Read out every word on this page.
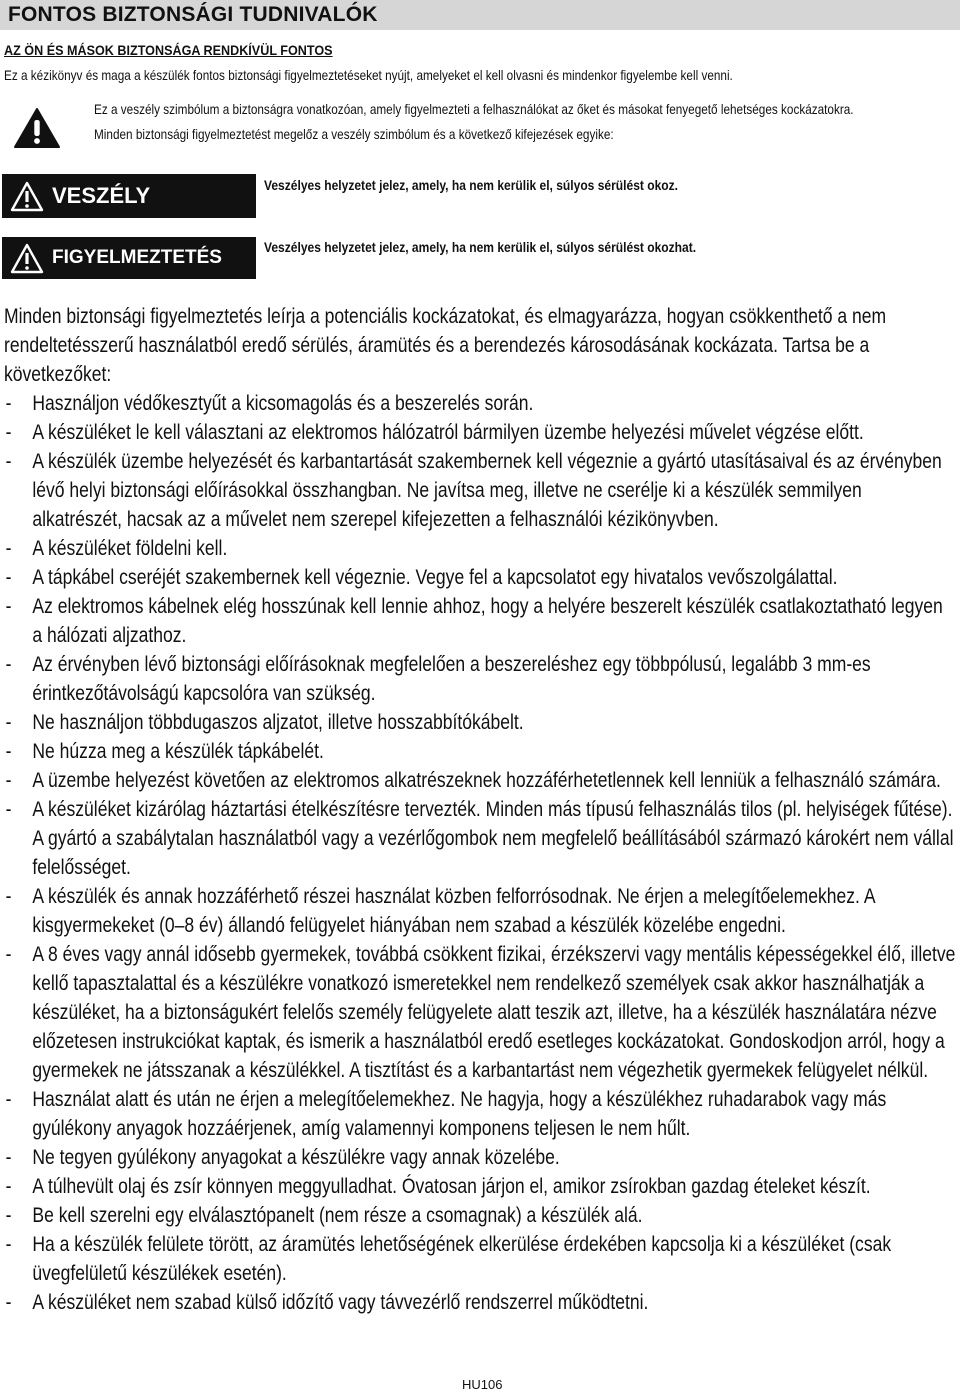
FONTOS BIZTONSÁGI TUDNIVALÓK
AZ ÖN ÉS MÁSOK BIZTONSÁGA RENDKÍVÜL FONTOS
Ez a kézikönyv és maga a készülék fontos biztonsági figyelmeztetéseket nyújt, amelyeket el kell olvasni és mindenkor figyelembe kell venni.
Ez a veszély szimbólum a biztonságra vonatkozóan, amely figyelmezteti a felhasználókat az őket és másokat fenyegető lehetséges kockázatokra.
Minden biztonsági figyelmeztetést megelőz a veszély szimbólum és a következő kifejezések egyike:
VESZÉLY	Veszélyes helyzetet jelez, amely, ha nem kerülik el, súlyos sérülést okoz.
FIGYELMEZTETÉS	Veszélyes helyzetet jelez, amely, ha nem kerülik el, súlyos sérülést okozhat.

Minden biztonsági figyelmeztetés leírja a potenciális kockázatokat, és elmagyarázza, hogyan csökkenthető a nem rendeltetésszerű használatból eredő sérülés, áramütés és a berendezés károsodásának kockázata. Tartsa be a következőket:

- Használjon védőkesztyűt a kicsomagolás és a beszerelés során.
- A készüléket le kell választani az elektromos hálózatról bármilyen üzembe helyezési művelet végzése előtt.
- A készülék üzembe helyezését és karbantartását szakembernek kell végeznie a gyártó utasításaival és az érvényben lévő helyi biztonsági előírásokkal összhangban. Ne javítsa meg, illetve ne cserélje ki a készülék semmilyen alkatrészét, hacsak az a művelet nem szerepel kifejezetten a felhasználói kézikönyvben.
- A készüléket földelni kell.
- A tápkábel cseréjét szakembernek kell végeznie. Vegye fel a kapcsolatot egy hivatalos vevőszolgálattal.
- Az elektromos kábelnek elég hosszúnak kell lennie ahhoz, hogy a helyére beszerelt készülék csatlakoztatható legyen a hálózati aljzathoz.
- Az érvényben lévő biztonsági előírásoknak megfelelően a beszereléshez egy többpólusú, legalább 3 mm-es érintkezőtávolságú kapcsolóra van szükség.
- Ne használjon többdugaszos aljzatot, illetve hosszabbítókábelt.
- Ne húzza meg a készülék tápkábelét.
- A üzembe helyezést követően az elektromos alkatrészeknek hozzáférhetetlennek kell lenniük a felhasználó számára.
- A készüléket kizárólag háztartási ételkészítésre tervezték. Minden más típusú felhasználás tilos (pl. helyiségek fűtése). A gyártó a szabálytalan használatból vagy a vezérlőgombok nem megfelelő beállításából származó károkért nem vállal felelősséget.
- A készülék és annak hozzáférhető részei használat közben felforrósodnak. Ne érjen a melegítőelemekhez. A kisgyermekeket (0–8 év) állandó felügyelet hiányában nem szabad a készülék közelébe engedni.
- A 8 éves vagy annál idősebb gyermekek, továbbá csökkent fizikai, érzékszervi vagy mentális képességekkel élő, illetve kellő tapasztalattal és a készülékre vonatkozó ismeretekkel nem rendelkező személyek csak akkor használhatják a készüléket, ha a biztonságukért felelős személy felügyelete alatt teszik azt, illetve, ha a készülék használatára nézve előzetesen instrukciókat kaptak, és ismerik a használatból eredő esetleges kockázatokat. Gondoskodjon arról, hogy a gyermekek ne játsszanak a készülékkel. A tisztítást és a karbantartást nem végezhetik gyermekek felügyelet nélkül.
- Használat alatt és után ne érjen a melegítőelemekhez. Ne hagyja, hogy a készülékhez ruhadarabok vagy más gyúlékony anyagok hozzáérjenek, amíg valamennyi komponens teljesen le nem hűlt.
- Ne tegyen gyúlékony anyagokat a készülékre vagy annak közelébe.
- A túlhevült olaj és zsír könnyen meggyulladhat. Óvatosan járjon el, amikor zsírokban gazdag ételeket készít.
- Be kell szerelni egy elválasztópanelt (nem része a csomagnak) a készülék alá.
- Ha a készülék felülete törött, az áramütés lehetőségének elkerülése érdekében kapcsolja ki a készüléket (csak üvegfelületű készülékek esetén).
- A készüléket nem szabad külső időzítő vagy távvezérlő rendszerrel működtetni.
HU106
